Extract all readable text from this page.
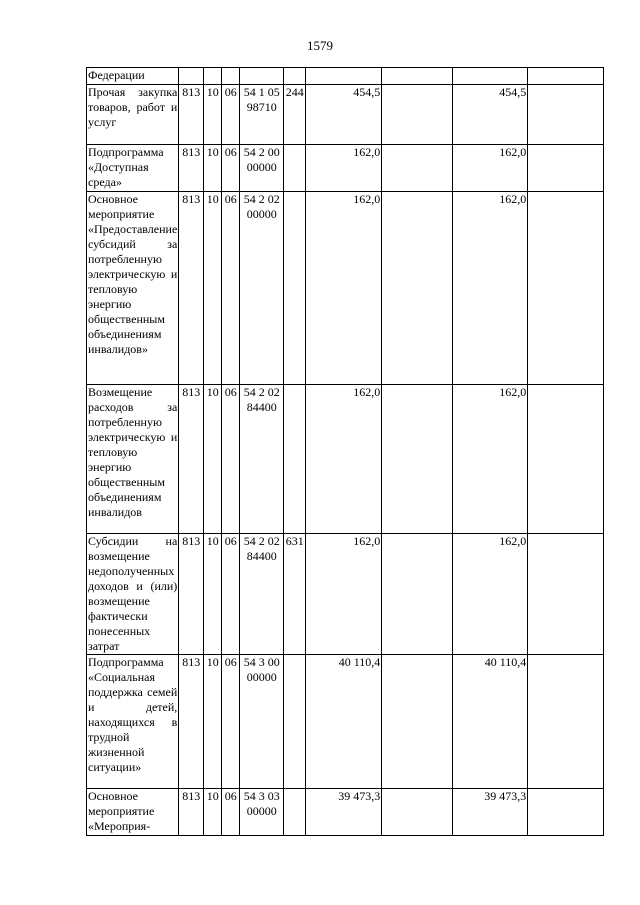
1579
Федерации									
Прочая закупка товаров, работ и услуг	813	10	06	54 1 05 98710	244	454,5		454,5	
Подпрограмма «Доступная среда»	813	10	06	54 2 00 00000		162,0		162,0	
Основное мероприятие «Предоставление субсидий за потребленную электрическую и тепловую энергию общественным объединениям инвалидов»	813	10	06	54 2 02 00000		162,0		162,0	
Возмещение расходов за потребленную электрическую и тепловую энергию общественным объединениям инвалидов	813	10	06	54 2 02 84400		162,0		162,0	
Субсидии на возмещение недополученных доходов и (или) возмещение фактически понесенных затрат	813	10	06	54 2 02 84400	631	162,0		162,0	
Подпрограмма «Социальная поддержка семей и детей, находящихся в трудной жизненной ситуации»	813	10	06	54 3 00 00000		40 110,4		40 110,4	
Основное мероприятие «Мероприя-	813	10	06	54 3 03 00000		39 473,3		39 473,3	
